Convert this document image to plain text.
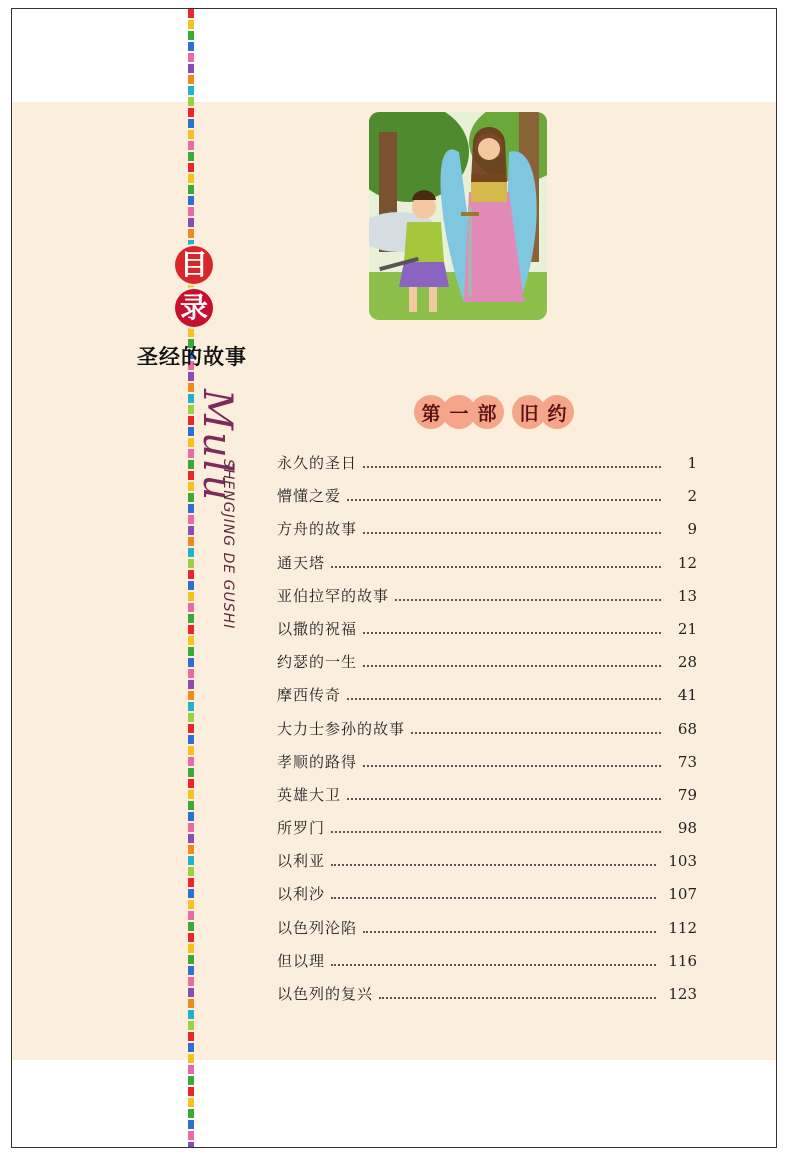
目
录
圣经的故事
Mulu
SHENGJING DE GUSHI
第 一 部	旧 约
永久的圣日	1
懵懂之爱	2
方舟的故事	9
通天塔	12
亚伯拉罕的故事	13
以撒的祝福	21
约瑟的一生	28
摩西传奇	41
大力士参孙的故事	68
孝顺的路得	73
英雄大卫	79
所罗门	98
以利亚	103
以利沙	107
以色列沦陷	112
但以理	116
以色列的复兴	123
